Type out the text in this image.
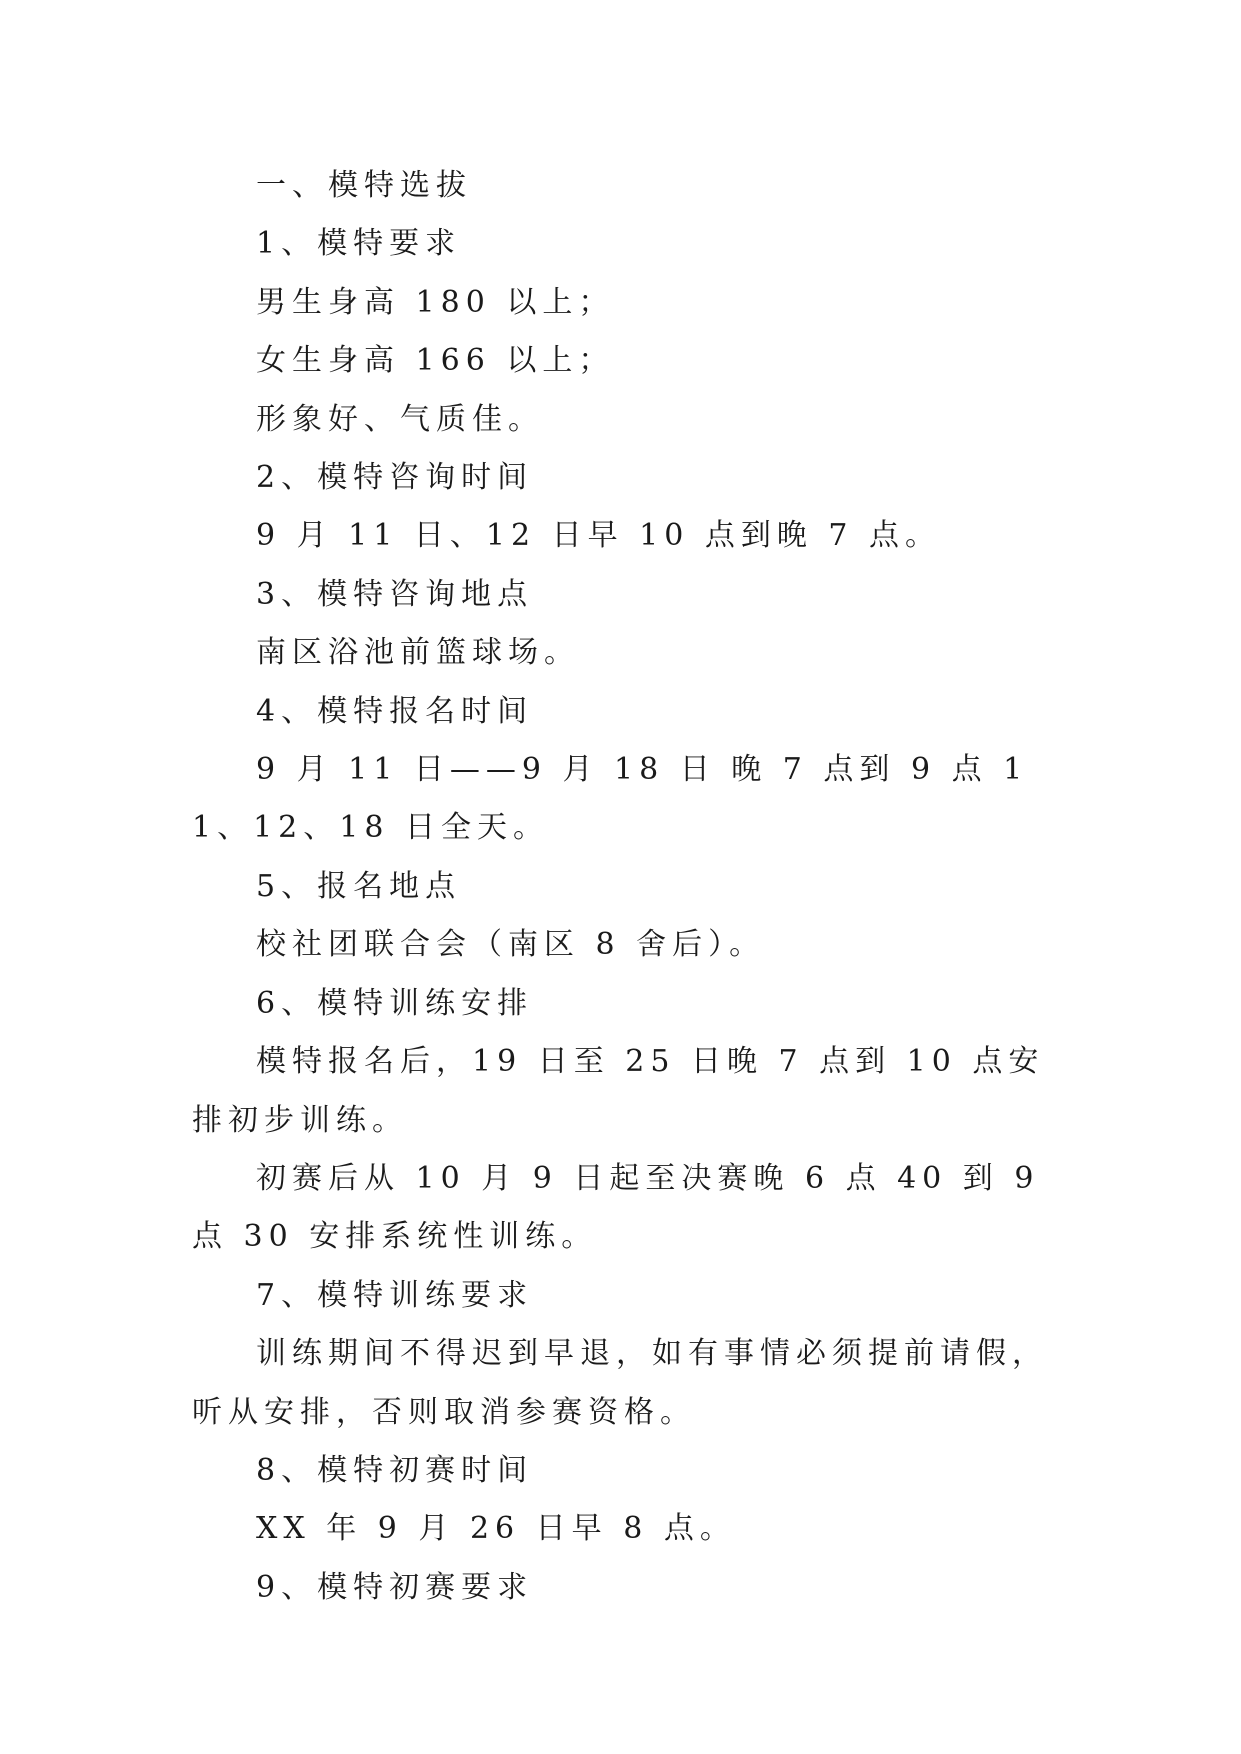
一、模特选拔

1、模特要求

男生身高 180 以上；

女生身高 166 以上；

形象好、气质佳。

2、模特咨询时间

9 月 11 日、12 日早 10 点到晚 7 点。

3、模特咨询地点

南区浴池前篮球场。

4、模特报名时间

9 月 11 日——9 月 18 日 晚 7 点到 9 点 11、12、18 日全天。

5、报名地点

校社团联合会（南区 8 舍后）。

6、模特训练安排

模特报名后，19 日至 25 日晚 7 点到 10 点安排初步训练。

初赛后从 10 月 9 日起至决赛晚 6 点 40 到 9 点 30 安排系统性训练。

7、模特训练要求

训练期间不得迟到早退，如有事情必须提前请假，听从安排，否则取消参赛资格。

8、模特初赛时间

XX 年 9 月 26 日早 8 点。

9、模特初赛要求
